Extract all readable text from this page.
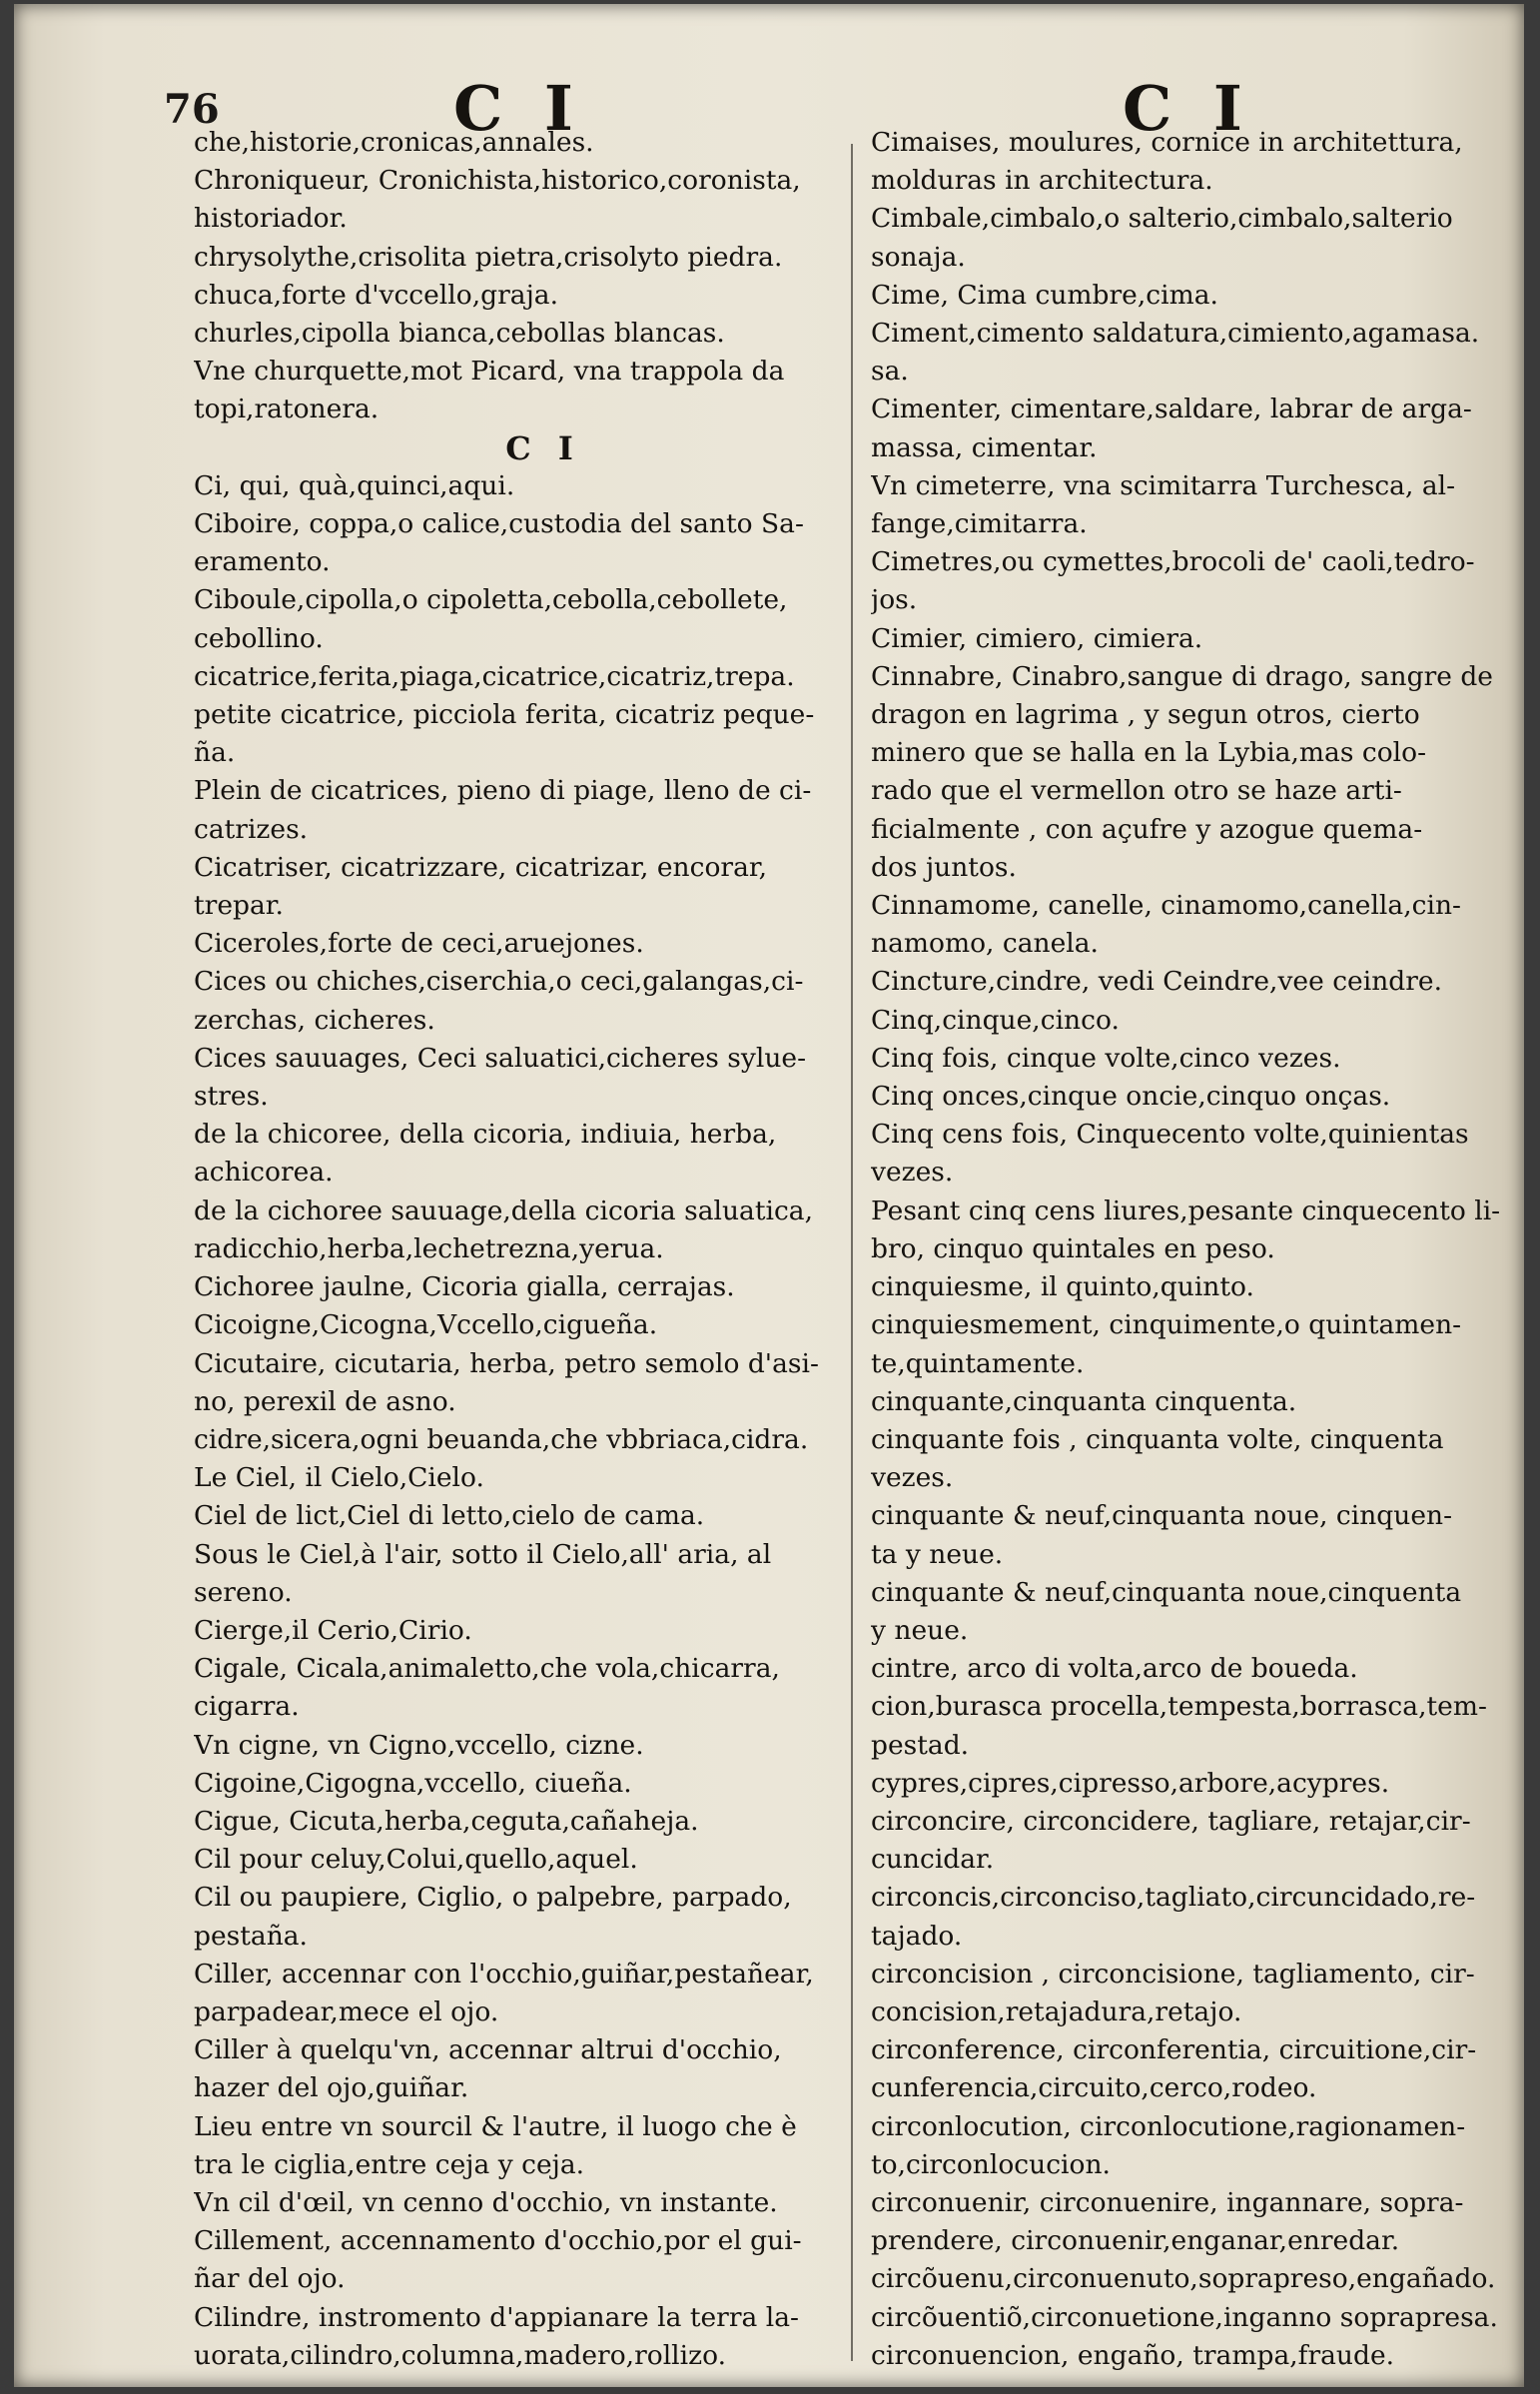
76	C I	C I
che,historie,cronicas,annales.
Chroniqueur, Cronichista,historico,coronista,
historiador.
chrysolythe,crisolita pietra,crisolyto piedra.
chuca,forte d'vccello,graja.
churles,cipolla bianca,cebollas blancas.
Vne churquette,mot Picard, vna trappola da
topi,ratonera.
C I
Ci, qui, quà,quinci,aqui.
Ciboire, coppa,o calice,custodia del santo Sa-
eramento.
Ciboule,cipolla,o cipoletta,cebolla,cebollete,
cebollino.
cicatrice,ferita,piaga,cicatrice,cicatriz,trepa.
petite cicatrice, picciola ferita, cicatriz peque-
ña.
Plein de cicatrices, pieno di piage, lleno de ci-
catrizes.
Cicatriser, cicatrizzare, cicatrizar, encorar,
trepar.
Ciceroles,forte de ceci,aruejones.
Cices ou chiches,ciserchia,o ceci,galangas,ci-
zerchas, cicheres.
Cices sauuages, Ceci saluatici,cicheres sylue-
stres.
de la chicoree, della cicoria, indiuia, herba,
achicorea.
de la cichoree sauuage,della cicoria saluatica,
radicchio,herba,lechetrezna,yerua.
Cichoree jaulne, Cicoria gialla, cerrajas.
Cicoigne,Cicogna,Vccello,cigueña.
Cicutaire, cicutaria, herba, petro semolo d'asi-
no, perexil de asno.
cidre,sicera,ogni beuanda,che vbbriaca,cidra.
Le Ciel, il Cielo,Cielo.
Ciel de lict,Ciel di letto,cielo de cama.
Sous le Ciel,à l'air, sotto il Cielo,all' aria, al
sereno.
Cierge,il Cerio,Cirio.
Cigale, Cicala,animaletto,che vola,chicarra,
cigarra.
Vn cigne, vn Cigno,vccello, cizne.
Cigoine,Cigogna,vccello, ciueña.
Cigue, Cicuta,herba,ceguta,cañaheja.
Cil pour celuy,Colui,quello,aquel.
Cil ou paupiere, Ciglio, o palpebre, parpado,
pestaña.
Ciller, accennar con l'occhio,guiñar,pestañear,
parpadear,mece el ojo.
Ciller à quelqu'vn, accennar altrui d'occhio,
hazer del ojo,guiñar.
Lieu entre vn sourcil & l'autre, il luogo che è
tra le ciglia,entre ceja y ceja.
Vn cil d'œil, vn cenno d'occhio, vn instante.
Cillement, accennamento d'occhio,por el gui-
ñar del ojo.
Cilindre, instromento d'appianare la terra la-
uorata,cilindro,columna,madero,rollizo.
Cimaises, moulures, cornice in architettura,
molduras in architectura.
Cimbale,cimbalo,o salterio,cimbalo,salterio
sonaja.
Cime, Cima cumbre,cima.
Ciment,cimento saldatura,cimiento,agamasa.
sa.
Cimenter, cimentare,saldare, labrar de arga-
massa, cimentar.
Vn cimeterre, vna scimitarra Turchesca, al-
fange,cimitarra.
Cimetres,ou cymettes,brocoli de' caoli,tedro-
jos.
Cimier, cimiero, cimiera.
Cinnabre, Cinabro,sangue di drago, sangre de
dragon en lagrima , y segun otros, cierto
minero que se halla en la Lybia,mas colo-
rado que el vermellon otro se haze arti-
ficialmente , con açufre y azogue quema-
dos juntos.
Cinnamome, canelle, cinamomo,canella,cin-
namomo, canela.
Cincture,cindre, vedi Ceindre,vee ceindre.
Cinq,cinque,cinco.
Cinq fois, cinque volte,cinco vezes.
Cinq onces,cinque oncie,cinquo onças.
Cinq cens fois, Cinquecento volte,quinientas
vezes.
Pesant cinq cens liures,pesante cinquecento li-
bro, cinquo quintales en peso.
cinquiesme, il quinto,quinto.
cinquiesmement, cinquimente,o quintamen-
te,quintamente.
cinquante,cinquanta cinquenta.
cinquante fois , cinquanta volte, cinquenta
vezes.
cinquante & neuf,cinquanta noue, cinquen-
ta y neue.
cinquante & neuf,cinquanta noue,cinquenta
y neue.
cintre, arco di volta,arco de boueda.
cion,burasca procella,tempesta,borrasca,tem-
pestad.
cypres,cipres,cipresso,arbore,acypres.
circoncire, circoncidere, tagliare, retajar,cir-
cuncidar.
circoncis,circonciso,tagliato,circuncidado,re-
tajado.
circoncision , circoncisione, tagliamento, cir-
concision,retajadura,retajo.
circonference, circonferentia, circuitione,cir-
cunferencia,circuito,cerco,rodeo.
circonlocution, circonlocutione,ragionamen-
to,circonlocucion.
circonuenir, circonuenire, ingannare, sopra-
prendere, circonuenir,enganar,enredar.
circõuenu,circonuenuto,soprapreso,engañado.
circõuentiõ,circonuetione,inganno soprapresa.
circonuencion, engaño, trampa,fraude.
